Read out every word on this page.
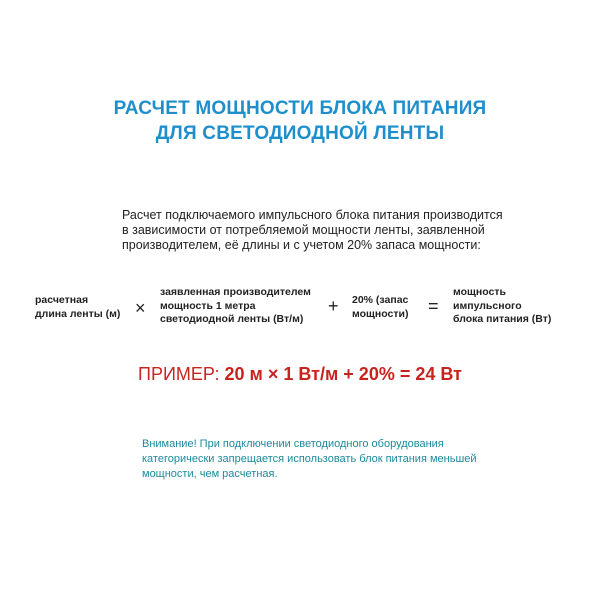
РАСЧЕТ МОЩНОСТИ БЛОКА ПИТАНИЯ
ДЛЯ СВЕТОДИОДНОЙ ЛЕНТЫ
Расчет подключаемого импульсного блока питания производится
в зависимости от потребляемой мощности ленты, заявленной
производителем, её длины и с учетом 20% запаса мощности:
расчетная
длина ленты (м) ×
заявленная производителем
мощность 1 метра
светодиодной ленты (Вт/м)
+ 20% (запас
мощности) =
мощность
импульсного
блока питания (Вт)
ПРИМЕР: 20 м × 1 Вт/м + 20% = 24 Вт
Внимание! При подключении светодиодного оборудования
категорически запрещается использовать блок питания меньшей
мощности, чем расчетная.
